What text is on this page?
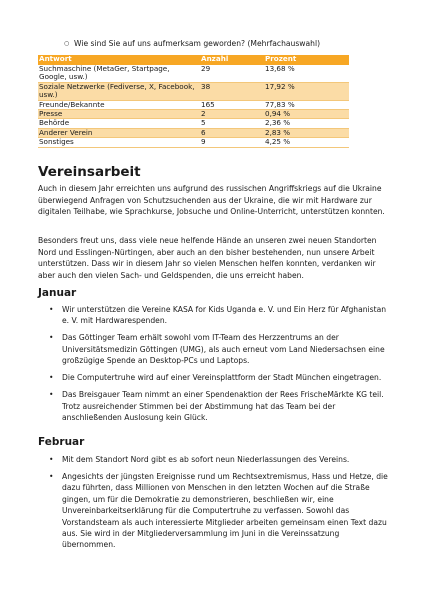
○ Wie sind Sie auf uns aufmerksam geworden? (Mehrfachauswahl)
Antwort	Anzahl	Prozent
Suchmaschine (MetaGer, Startpage, Google, usw.)	29	13,68 %
Soziale Netzwerke (Fediverse, X, Facebook, usw.)	38	17,92 %
Freunde/Bekannte	165	77,83 %
Presse	2	0,94 %
Behörde	5	2,36 %
Anderer Verein	6	2,83 %
Sonstiges	9	4,25 %
Vereinsarbeit

Auch in diesem Jahr erreichten uns aufgrund des russischen Angriffskriegs auf die Ukraine überwiegend Anfragen von Schutzsuchenden aus der Ukraine, die wir mit Hardware zur digitalen Teilhabe, wie Sprachkurse, Jobsuche und Online-Unterricht, unterstützen konnten.

Besonders freut uns, dass viele neue helfende Hände an unseren zwei neuen Standorten Nord und Esslingen-Nürtingen, aber auch an den bisher bestehenden, nun unsere Arbeit unterstützen. Dass wir in diesem Jahr so vielen Menschen helfen konnten, verdanken wir aber auch den vielen Sach- und Geldspenden, die uns erreicht haben.

Januar
• Wir unterstützen die Vereine KASA for Kids Uganda e. V. und Ein Herz für Afghanistan e. V. mit Hardwarespenden.
• Das Göttinger Team erhält sowohl vom IT-Team des Herzzentrums an der Universitätsmedizin Göttingen (UMG), als auch erneut vom Land Niedersachsen eine großzügige Spende an Desktop-PCs und Laptops.
• Die Computertruhe wird auf einer Vereinsplattform der Stadt München eingetragen.
• Das Breisgauer Team nimmt an einer Spendenaktion der Rees FrischeMärkte KG teil. Trotz ausreichender Stimmen bei der Abstimmung hat das Team bei der anschließenden Auslosung kein Glück.
Februar
• Mit dem Standort Nord gibt es ab sofort neun Niederlassungen des Vereins.
• Angesichts der jüngsten Ereignisse rund um Rechtsextremismus, Hass und Hetze, die dazu führten, dass Millionen von Menschen in den letzten Wochen auf die Straße gingen, um für die Demokratie zu demonstrieren, beschließen wir, eine Unvereinbarkeitserklärung für die Computertruhe zu verfassen. Sowohl das Vorstandsteam als auch interessierte Mitglieder arbeiten gemeinsam einen Text dazu aus. Sie wird in der Mitgliederversammlung im Juni in die Vereinssatzung übernommen.
